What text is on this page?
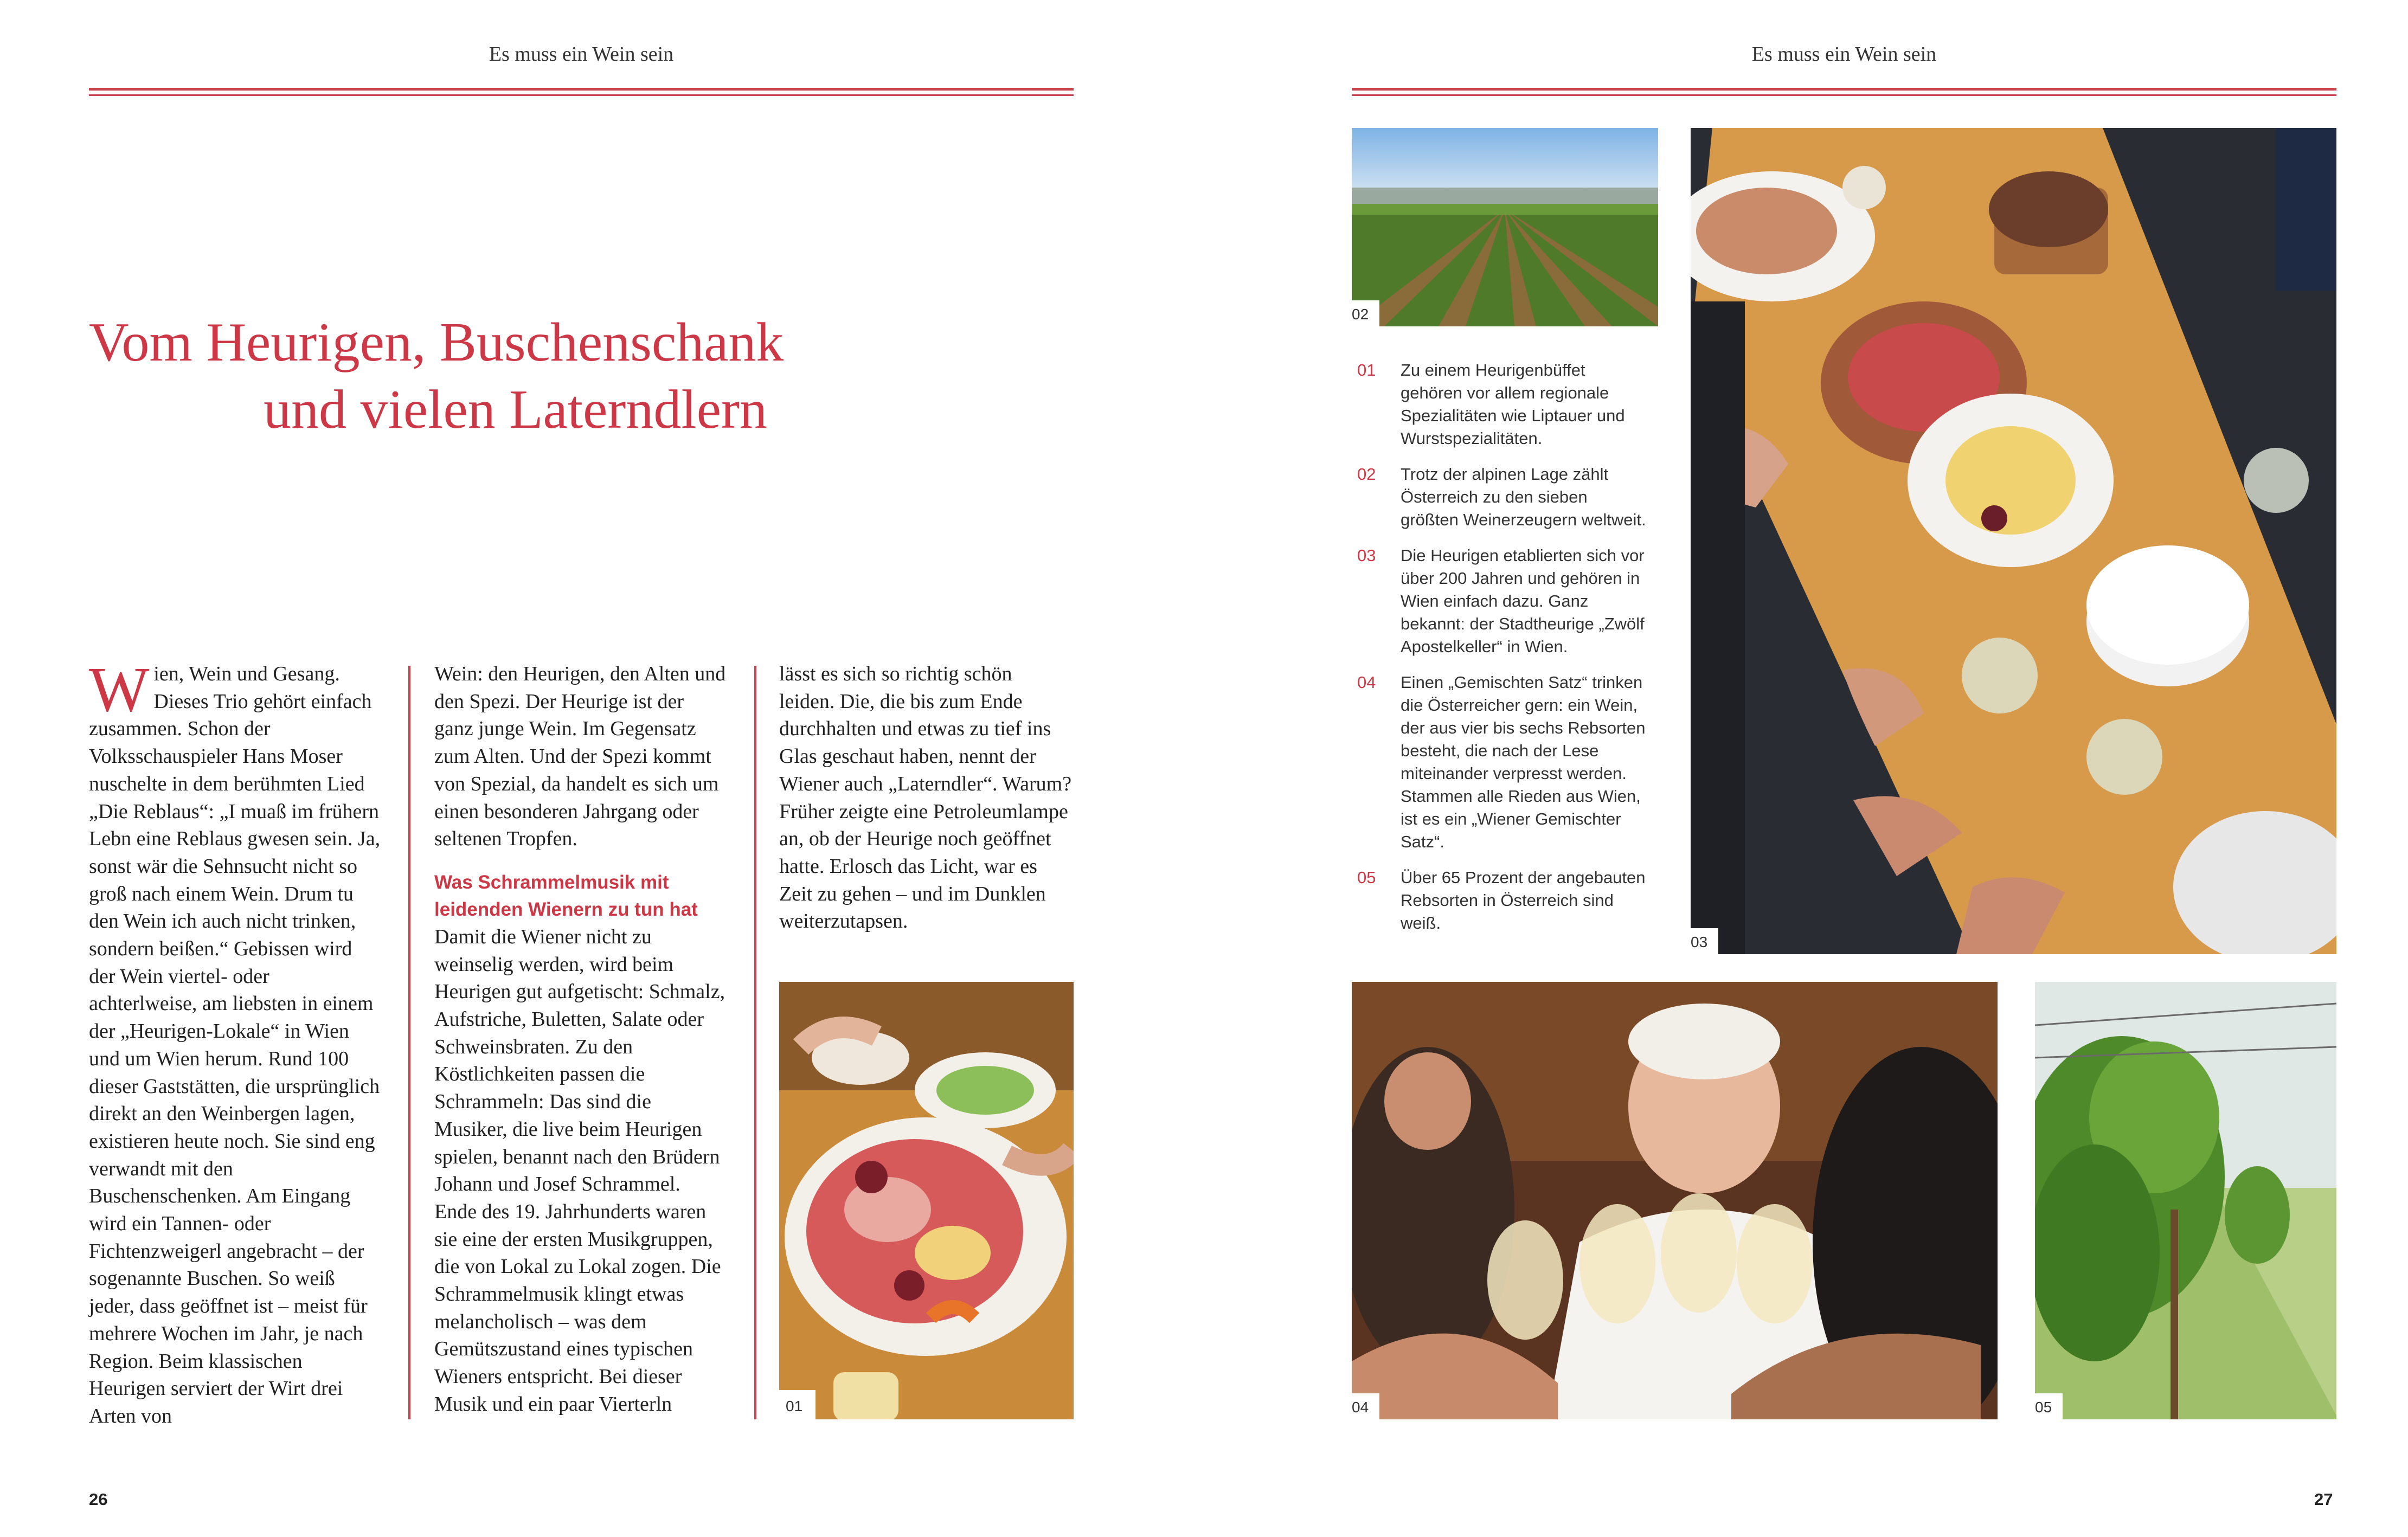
Es muss ein Wein sein
Vom Heurigen, Buschenschank
und vielen Laterndlern
W ien, Wein und Gesang. Dieses Trio gehört einfach zusammen. Schon der Volksschauspieler Hans Moser nuschelte in dem berühmten Lied „Die Reblaus“: „I muaß im frühern Lebn eine Reblaus gwesen sein. Ja, sonst wär die Sehnsucht nicht so groß nach einem Wein. Drum tu den Wein ich auch nicht trinken, sondern beißen.“ Gebissen wird der Wein viertel- oder achterlweise, am liebsten in einem der „Heurigen-Lokale“ in Wien und um Wien herum. Rund 100 dieser Gaststätten, die ursprünglich direkt an den Weinbergen lagen, existieren heute noch. Sie sind eng verwandt mit den Buschenschenken. Am Eingang wird ein Tannen- oder Fichtenzweigerl angebracht – der sogenannte Buschen. So weiß jeder, dass geöffnet ist – meist für mehrere Wochen im Jahr, je nach Region. Beim klassischen Heurigen serviert der Wirt drei Arten von

Wein: den Heurigen, den Alten und den Spezi. Der Heurige ist der ganz junge Wein. Im Gegensatz zum Alten. Und der Spezi kommt von Spezial, da handelt es sich um einen besonderen Jahrgang oder seltenen Tropfen.

Was Schrammelmusik mit leidenden Wienern zu tun hat

Damit die Wiener nicht zu weinselig werden, wird beim Heurigen gut aufgetischt: Schmalz, Aufstriche, Buletten, Salate oder Schweinsbraten. Zu den Köstlichkeiten passen die Schrammeln: Das sind die Musiker, die live beim Heurigen spielen, benannt nach den Brüdern Johann und Josef Schrammel. Ende des 19. Jahrhunderts waren sie eine der ersten Musikgruppen, die von Lokal zu Lokal zogen. Die Schrammelmusik klingt etwas melancholisch – was dem Gemütszustand eines typischen Wieners entspricht. Bei dieser Musik und ein paar Vierterln

lässt es sich so richtig schön leiden. Die, die bis zum Ende durchhalten und etwas zu tief ins Glas geschaut haben, nennt der Wiener auch „Laterndler“. Warum? Früher zeigte eine Petroleumlampe an, ob der Heurige noch geöffnet hatte. Erlosch das Licht, war es Zeit zu gehen – und im Dunklen weiterzutapsen.

01
26
Es muss ein Wein sein
02
03
01 Zu einem Heurigenbüffet gehören vor allem regionale Spezialitäten wie Liptauer und Wurstspezialitäten.
02 Trotz der alpinen Lage zählt Österreich zu den sieben größten Weinerzeugern weltweit.
03 Die Heurigen etablierten sich vor über 200 Jahren und gehören in Wien einfach dazu. Ganz bekannt: der Stadtheurige „Zwölf Apostelkeller“ in Wien.
04 Einen „Gemischten Satz“ trinken die Österreicher gern: ein Wein, der aus vier bis sechs Rebsorten besteht, die nach der Lese miteinander verpresst werden. Stammen alle Rieden aus Wien, ist es ein „Wiener Gemischter Satz“.
05 Über 65 Prozent der angebauten Rebsorten in Österreich sind weiß.
04	05
27
